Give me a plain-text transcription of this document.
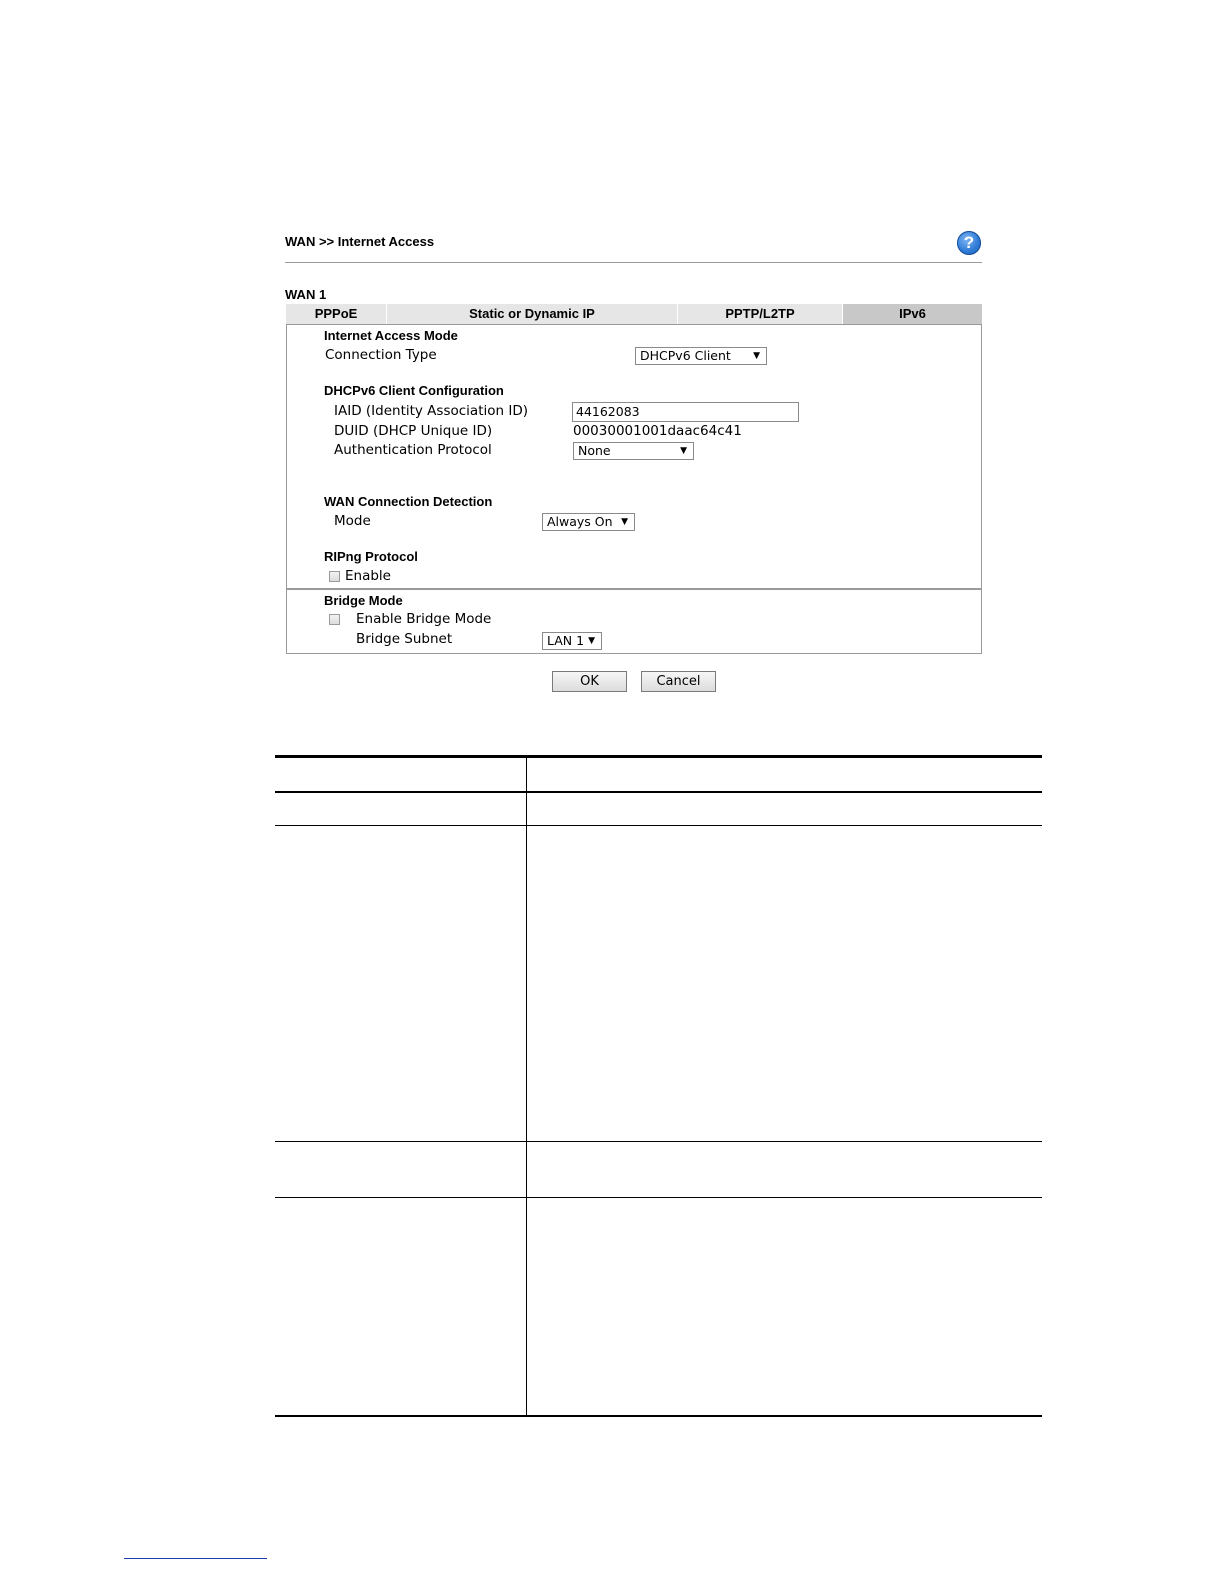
WAN >> Internet Access	?
WAN 1
PPPoE	Static or Dynamic IP	PPTP/L2TP	IPv6
Internet Access Mode
Connection Type	DHCPv6 Client ▼
DHCPv6 Client Configuration
IAID (Identity Association ID)	44162083
DUID (DHCP Unique ID)	00030001001daac64c41
Authentication Protocol	None	▼
WAN Connection Detection
Mode	Always On ▼
RIPng Protocol
Enable
Bridge Mode
Enable Bridge Mode
Bridge Subnet	LAN 1 ▼
OK	Cancel
